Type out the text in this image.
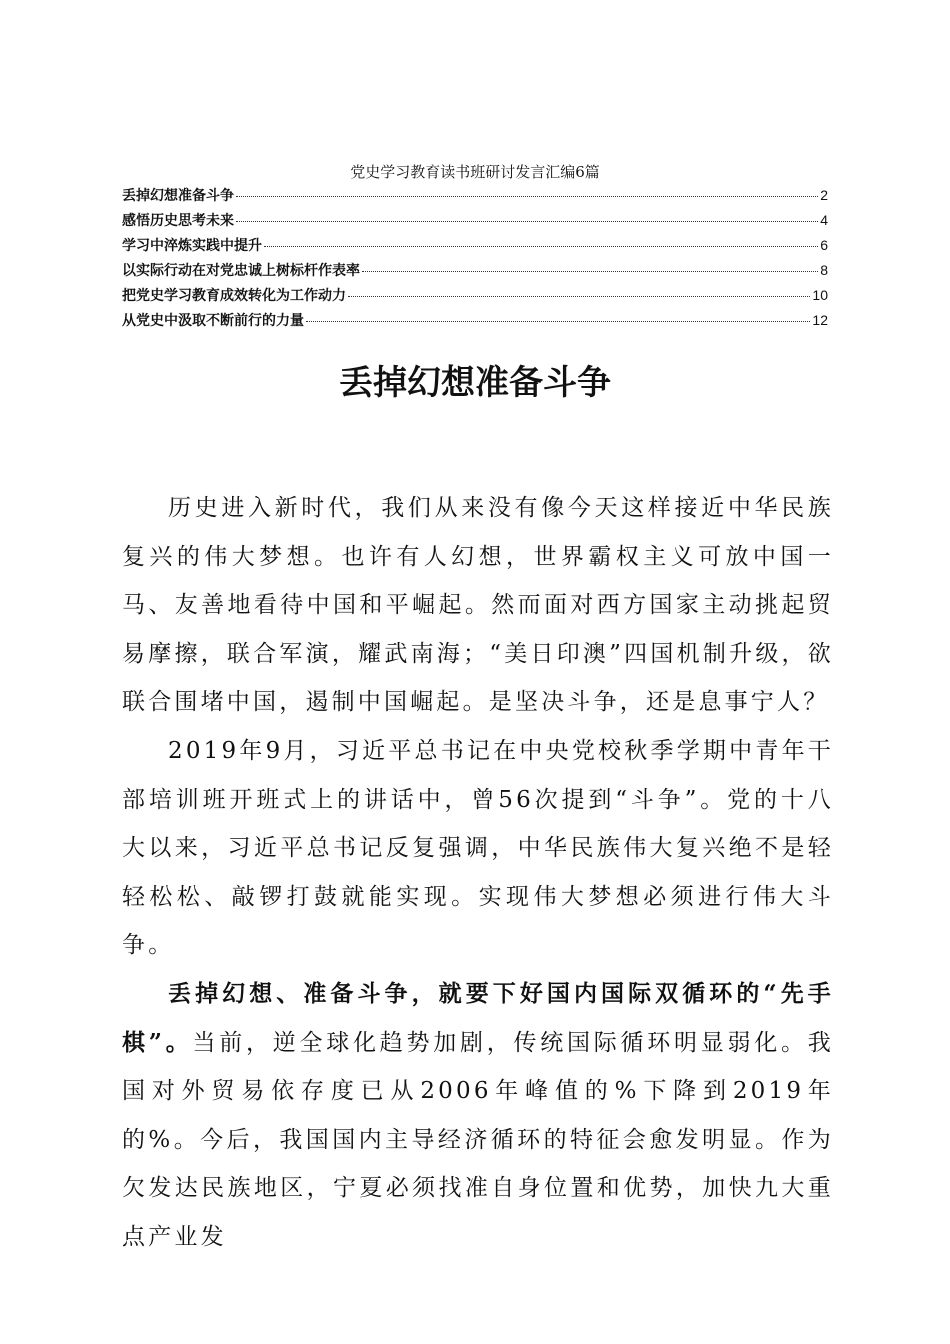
党史学习教育读书班研讨发言汇编6篇
丢掉幻想准备斗争	2
感悟历史思考未来	4
学习中淬炼实践中提升	6
以实际行动在对党忠诚上树标杆作表率	8
把党史学习教育成效转化为工作动力	10
从党史中汲取不断前行的力量	12
丢掉幻想准备斗争

历史进入新时代，我们从来没有像今天这样接近中华民族复兴的伟大梦想。也许有人幻想，世界霸权主义可放中国一马、友善地看待中国和平崛起。然而面对西方国家主动挑起贸易摩擦，联合军演，耀武南海；“美日印澳”四国机制升级，欲联合围堵中国，遏制中国崛起。是坚决斗争，还是息事宁人？

2019年9月，习近平总书记在中央党校秋季学期中青年干部培训班开班式上的讲话中，曾56次提到“斗争”。党的十八大以来，习近平总书记反复强调，中华民族伟大复兴绝不是轻轻松松、敲锣打鼓就能实现。实现伟大梦想必须进行伟大斗争。

丢掉幻想、准备斗争，就要下好国内国际双循环的“先手棋”。当前，逆全球化趋势加剧，传统国际循环明显弱化。我国对外贸易依存度已从2006年峰值的%下降到2019年的%。今后，我国国内主导经济循环的特征会愈发明显。作为欠发达民族地区，宁夏必须找准自身位置和优势，加快九大重点产业发
